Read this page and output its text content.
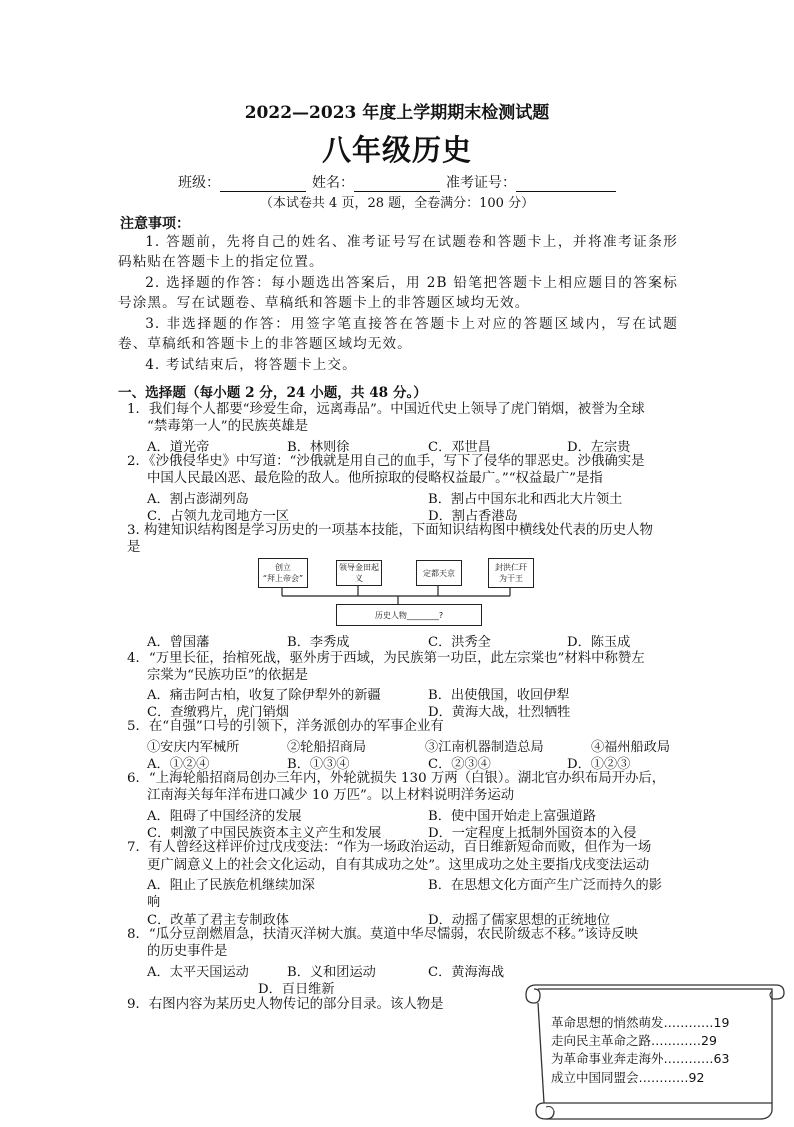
2022—2023 年度上学期期末检测试题
八年级历史
班级：	姓名：	准考证号：
（本试卷共 4 页，28 题，全卷满分：100 分）
注意事项：
1. 答题前，先将自己的姓名、准考证号写在试题卷和答题卡上，并将准考证条形码粘贴在答题卡上的指定位置。
2. 选择题的作答：每小题选出答案后，用 2B 铅笔把答题卡上相应题目的答案标号涂黑。写在试题卷、草稿纸和答题卡上的非答题区域均无效。
3. 非选择题的作答：用签字笔直接答在答题卡上对应的答题区域内，写在试题卷、草稿纸和答题卡上的非答题区域均无效。
4. 考试结束后，将答题卡上交。
一、选择题（每小题 2 分，24 小题，共 48 分。）
1．我们每个人都要“珍爱生命，远离毒品”。中国近代史上领导了虎门销烟，被誉为全球
“禁毒第一人”的民族英雄是
A．道光帝	B．林则徐	C．邓世昌	D．左宗贵
2．《沙俄侵华史》中写道：“沙俄就是用自己的血手，写下了侵华的罪恶史。沙俄确实是
中国人民最凶恶、最危险的敌人。他所掠取的侵略权益最广。”“权益最广”是指
A．割占澎湖列岛	B．割占中国东北和西北大片领土
C．占领九龙司地方一区	D．割占香港岛
3. 构建知识结构图是学习历史的一项基本技能，下面知识结构图中横线处代表的历史人物
是
创立
“拜上帝会”
领导金田起义
定都天京
封洪仁玕
为干王
历史人物________?
A．曾国藩	B．李秀成	C．洪秀全	D．陈玉成
4．“万里长征，抬棺死战，驱外虏于西域，为民族第一功臣，此左宗棠也”材料中称赞左
宗棠为“民族功臣”的依据是
A．痛击阿古柏，收复了除伊犁外的新疆	B．出使俄国，收回伊犁
C．查缴鸦片，虎门销烟	D．黄海大战，壮烈牺牲
5．在“自强”口号的引领下，洋务派创办的军事企业有
①安庆内军械所	②轮船招商局	③江南机器制造总局	④福州船政局
A．①②④	B．①③④	C．②③④	D．①②③
6．“上海轮船招商局创办三年内，外轮就损失 130 万两（白银）。湖北官办织布局开办后，
江南海关每年洋布进口减少 10 万匹”。以上材料说明洋务运动
A．阻碍了中国经济的发展	B．使中国开始走上富强道路
C．刺激了中国民族资本主义产生和发展	D．一定程度上抵制外国资本的入侵
7．有人曾经这样评价过戊戌变法：“作为一场政治运动，百日维新短命而败，但作为一场
更广阔意义上的社会文化运动，自有其成功之处”。这里成功之处主要指戊戌变法运动
A．阻止了民族危机继续加深	B．在思想文化方面产生广泛而持久的影
响
C．改革了君主专制政体	D．动摇了儒家思想的正统地位
8．“瓜分豆剖燃眉急，扶清灭洋树大旗。莫道中华尽懦弱，农民阶级志不移。”该诗反映
的历史事件是
A．太平天国运动	B．义和团运动	C．黄海海战
D．百日维新
9．右图内容为某历史人物传记的部分目录。该人物是
革命思想的悄然萌发…………19
走向民主革命之路…………29
为革命事业奔走海外…………63
成立中国同盟会…………92
